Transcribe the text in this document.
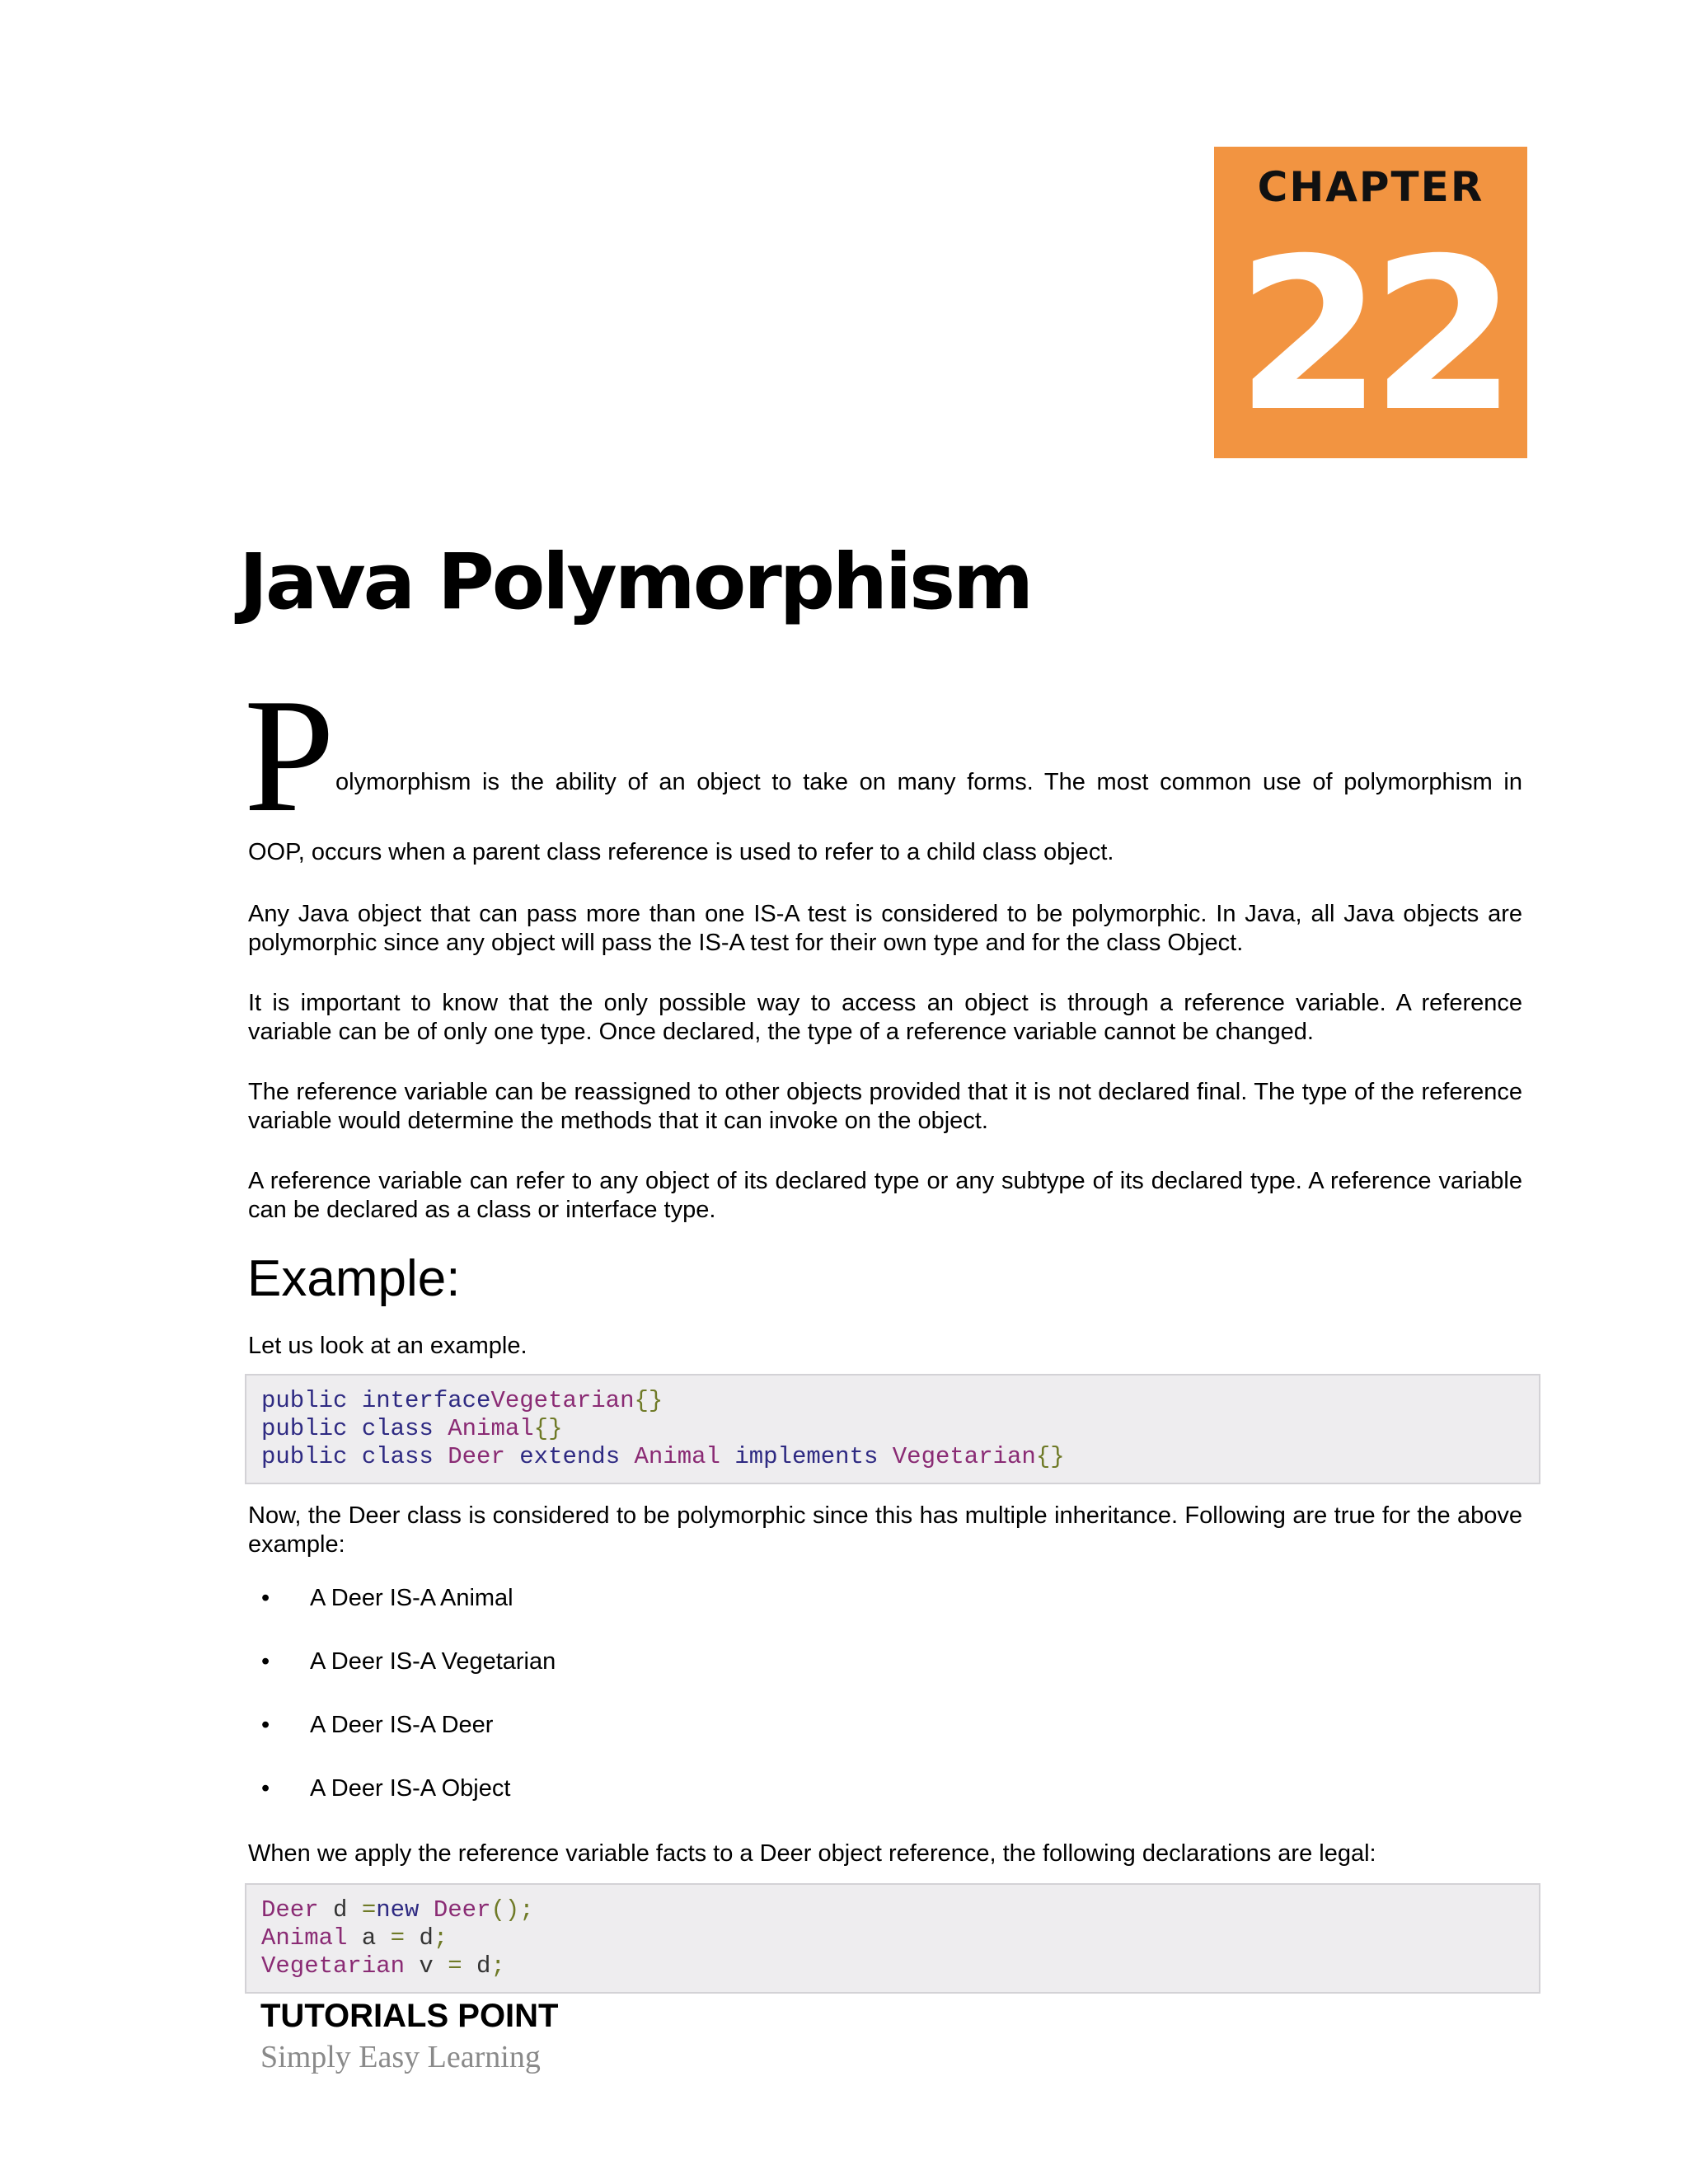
CHAPTER
22
Java Polymorphism
P olymorphism is the ability of an object to take on many forms. The most common use of polymorphism in
OOP, occurs when a parent class reference is used to refer to a child class object.

Any Java object that can pass more than one IS-A test is considered to be polymorphic. In Java, all Java objects are polymorphic since any object will pass the IS-A test for their own type and for the class Object.

It is important to know that the only possible way to access an object is through a reference variable. A reference variable can be of only one type. Once declared, the type of a reference variable cannot be changed.

The reference variable can be reassigned to other objects provided that it is not declared final. The type of the reference variable would determine the methods that it can invoke on the object.

A reference variable can refer to any object of its declared type or any subtype of its declared type. A reference variable can be declared as a class or interface type.

Example:

Let us look at an example.

public interfaceVegetarian{}
public class Animal{}
public class Deer extends Animal implements Vegetarian{}

Now, the Deer class is considered to be polymorphic since this has multiple inheritance. Following are true for the above example:

• A Deer IS-A Animal
• A Deer IS-A Vegetarian
• A Deer IS-A Deer
• A Deer IS-A Object

When we apply the reference variable facts to a Deer object reference, the following declarations are legal:

Deer d =new Deer();
Animal a = d;
Vegetarian v = d;
TUTORIALS POINT
Simply Easy Learning
